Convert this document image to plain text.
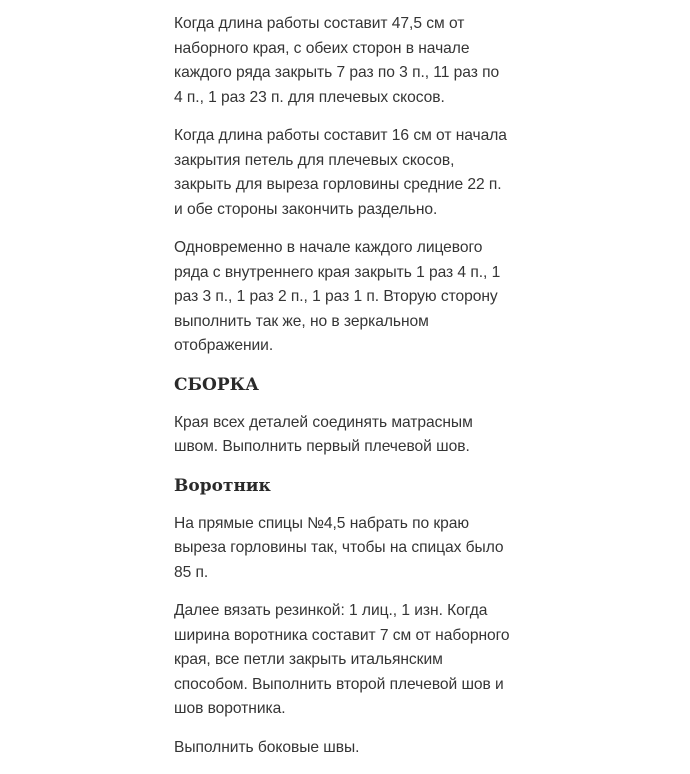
Когда длина работы составит 47,5 см от
наборного края, с обеих сторон в начале
каждого ряда закрыть 7 раз по 3 п., 11 раз по
4 п., 1 раз 23 п. для плечевых скосов.

Когда длина работы составит 16 см от начала
закрытия петель для плечевых скосов,
закрыть для выреза горловины средние 22 п.
и обе стороны закончить раздельно.

Одновременно в начале каждого лицевого
ряда с внутреннего края закрыть 1 раз 4 п., 1
раз 3 п., 1 раз 2 п., 1 раз 1 п. Вторую сторону
выполнить так же, но в зеркальном
отображении.

СБОРКА

Края всех деталей соединять матрасным
швом. Выполнить первый плечевой шов.

Воротник

На прямые спицы №4,5 набрать по краю
выреза горловины так, чтобы на спицах было
85 п.

Далее вязать резинкой: 1 лиц., 1 изн. Когда
ширина воротника составит 7 см от наборного
края, все петли закрыть итальянским
способом. Выполнить второй плечевой шов и
шов воротника.

Выполнить боковые швы.
